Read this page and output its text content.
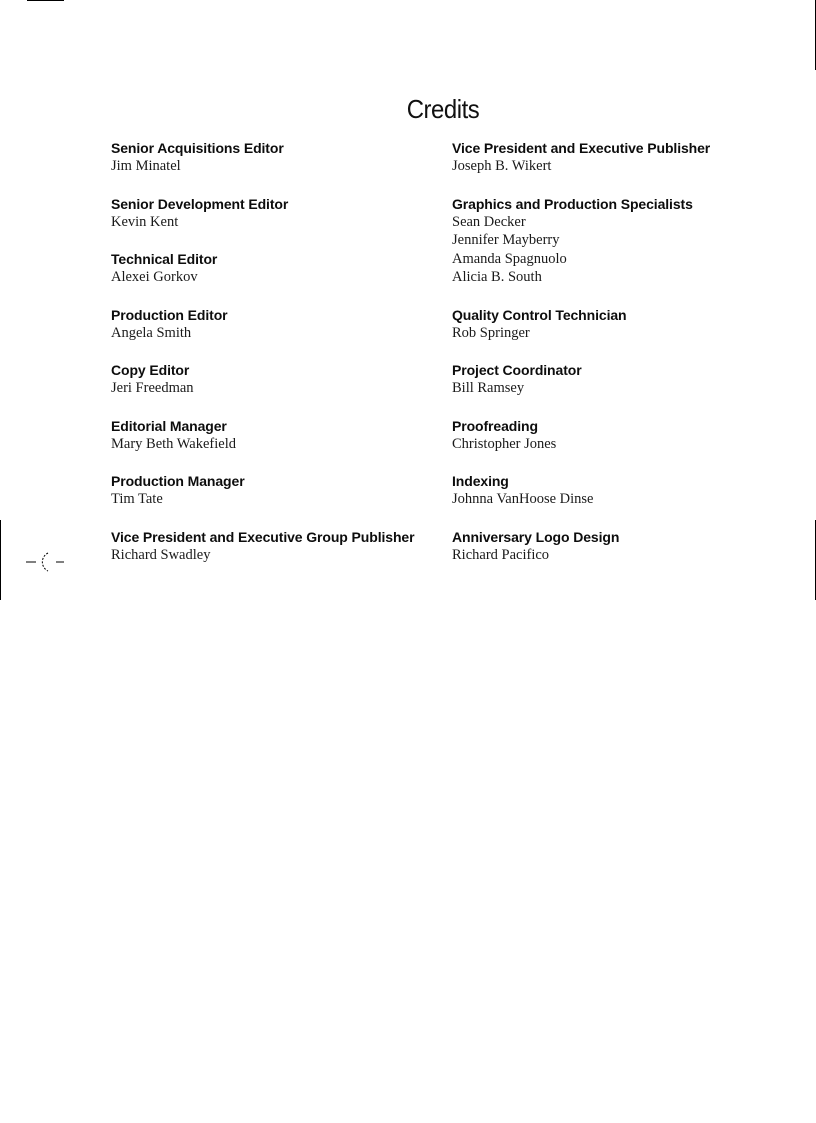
Credits
Senior Acquisitions Editor
Jim Minatel
Senior Development Editor
Kevin Kent
Technical Editor
Alexei Gorkov
Production Editor
Angela Smith
Copy Editor
Jeri Freedman
Editorial Manager
Mary Beth Wakefield
Production Manager
Tim Tate
Vice President and Executive Group Publisher
Richard Swadley
Vice President and Executive Publisher
Joseph B. Wikert
Graphics and Production Specialists
Sean Decker
Jennifer Mayberry
Amanda Spagnuolo
Alicia B. South
Quality Control Technician
Rob Springer
Project Coordinator
Bill Ramsey
Proofreading
Christopher Jones
Indexing
Johnna VanHoose Dinse
Anniversary Logo Design
Richard Pacifico
